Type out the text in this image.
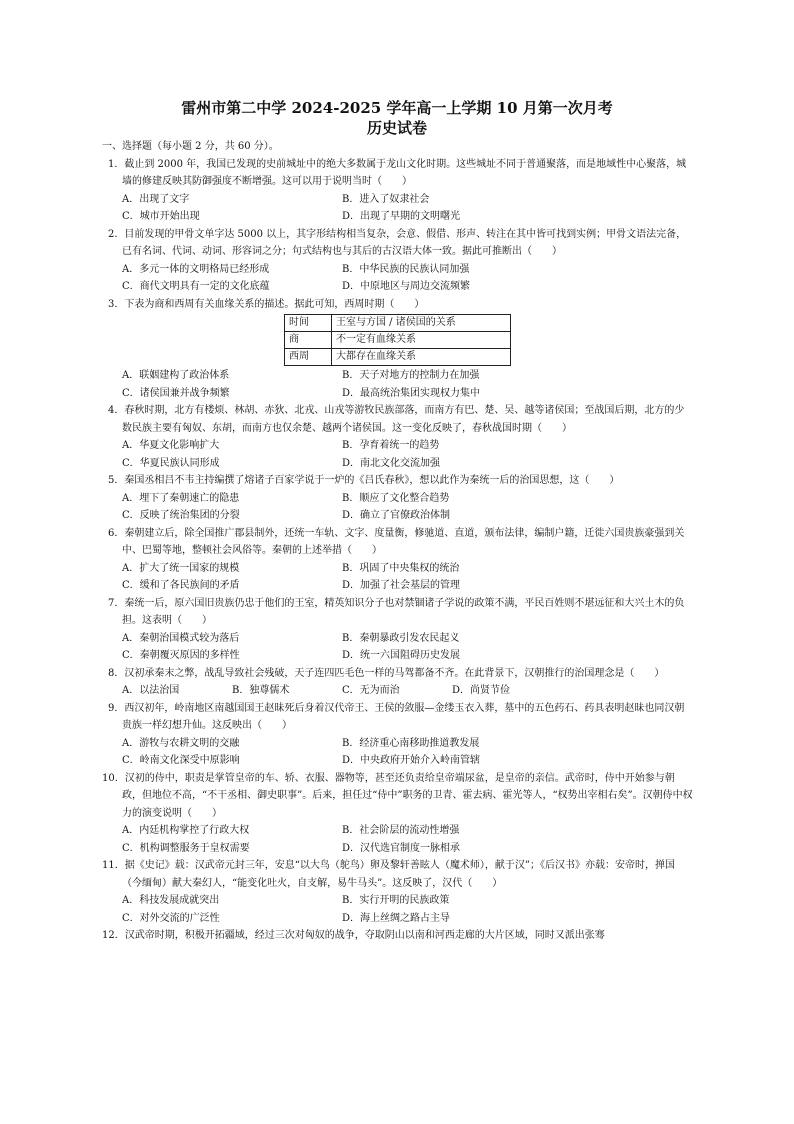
雷州市第二中学 2024-2025 学年高一上学期 10 月第一次月考
历史试卷
一、选择题（每小题 2 分，共 60 分）。
1．截止到 2000 年，我国已发现的史前城址中的绝大多数属于龙山文化时期。这些城址不同于普通聚落，而是地域性中心聚落，城墙的修建反映其防御强度不断增强。这可以用于说明当时（　　）
A．出现了文字	B．进入了奴隶社会
C．城市开始出现	D．出现了早期的文明曙光
2．目前发现的甲骨文单字达 5000 以上，其字形结构相当复杂，会意、假借、形声、转注在其中皆可找到实例；甲骨文语法完备，已有名词、代词、动词、形容词之分；句式结构也与其后的古汉语大体一致。据此可推断出（　　）
A．多元一体的文明格局已经形成	B．中华民族的民族认同加强
C．商代文明具有一定的文化底蕴	D．中原地区与周边交流频繁
3．下表为商和西周有关血缘关系的描述。据此可知，西周时期（　　）
时间	王室与方国 / 诸侯国的关系
商	不一定有血缘关系
西周	大都存在血缘关系
A．联姻建构了政治体系	B．天子对地方的控制力在加强
C．诸侯国兼并战争频繁	D．最高统治集团实现权力集中
4．春秋时期，北方有楼烦、林胡、赤狄、北戎、山戎等游牧民族部落，而南方有巴、楚、吴、越等诸侯国；至战国后期，北方的少数民族主要有匈奴、东胡，而南方也仅余楚、越两个诸侯国。这一变化反映了，春秋战国时期（　　）
A．华夏文化影响扩大	B．孕育着统一的趋势
C．华夏民族认同形成	D．南北文化交流加强
5．秦国丞相吕不韦主持编撰了熔诸子百家学说于一炉的《吕氏春秋》，想以此作为秦统一后的治国思想，这（　　）
A．埋下了秦朝速亡的隐患	B．顺应了文化整合趋势
C．反映了统治集团的分裂	D．确立了官僚政治体制
6．秦朝建立后，除全国推广郡县制外，还统一车轨、文字、度量衡，修驰道、直道，颁布法律，编制户籍，迁徙六国贵族豪强到关中、巴蜀等地，整顿社会风俗等。秦朝的上述举措（　　）
A．扩大了统一国家的规模	B．巩固了中央集权的统治
C．缓和了各民族间的矛盾	D．加强了社会基层的管理
7．秦统一后，原六国旧贵族仍忠于他们的王室，精英知识分子也对禁锢诸子学说的政策不满，平民百姓则不堪远征和大兴土木的负担。这表明（　　）
A．秦朝治国模式较为落后	B．秦朝暴政引发农民起义
C．秦朝覆灭原因的多样性	D．统一六国阻碍历史发展
8．汉初承秦末之弊，战乱导致社会残破，天子连四匹毛色一样的马驾都备不齐。在此背景下，汉朝推行的治国理念是（　　）
A．以法治国	B．独尊儒术	C．无为而治	D．尚贤节俭
9．西汉初年，岭南地区南越国国王赵昧死后身着汉代帝王、王侯的敛服—金缕玉衣入葬，墓中的五色药石、药具表明赵昧也同汉朝贵族一样幻想升仙。这反映出（　　）
A．游牧与农耕文明的交融	B．经济重心南移助推道教发展
C．岭南文化深受中原影响	D．中央政府开始介入岭南管辖
10．汉初的侍中，职责是掌管皇帝的车、轿、衣服、器物等，甚至还负责给皇帝端尿盆，是皇帝的亲信。武帝时，侍中开始参与朝政，但地位不高，“不干丞相、御史职事”。后来，担任过“侍中”职务的卫青、霍去病、霍光等人，“权势出宰相右矣”。汉朝侍中权力的演变说明（　　）
A．内廷机构掌控了行政大权	B．社会阶层的流动性增强
C．机构调整服务于皇权需要	D．汉代选官制度一脉相承
11．据《史记》载：汉武帝元封三年，安息“以大鸟（鸵鸟）卵及黎轩善眩人（魔术师），献于汉”；《后汉书》亦载：安帝时，掸国（今缅甸）献大秦幻人，“能变化吐火，自支解，易牛马头”。这反映了，汉代（　　）
A．科技发展成就突出	B．实行开明的民族政策
C．对外交流的广泛性	D．海上丝绸之路占主导
12．汉武帝时期，积极开拓疆域，经过三次对匈奴的战争，夺取阴山以南和河西走廊的大片区域，同时又派出张骞
